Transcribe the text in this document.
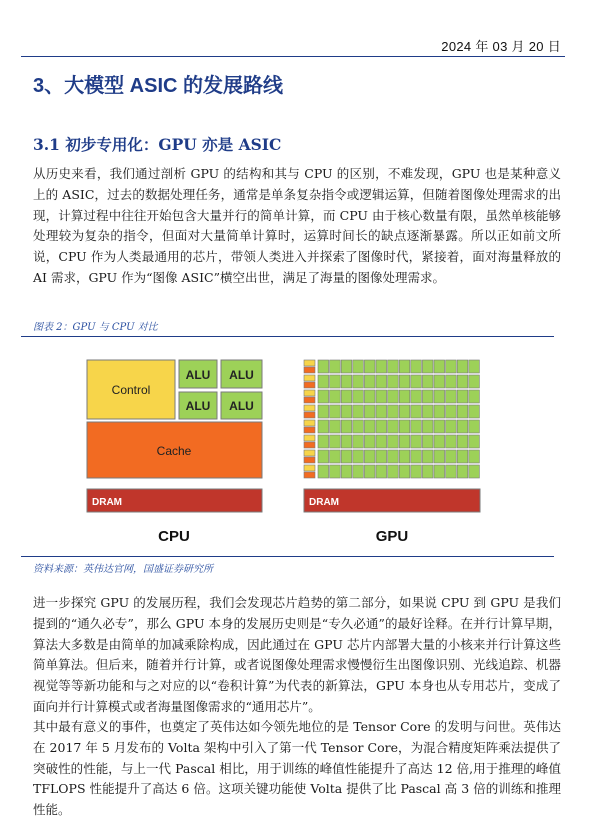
2024 年 03 月 20 日
3、大模型 ASIC 的发展路线
3.1 初步专用化：GPU 亦是 ASIC
从历史来看，我们通过剖析 GPU 的结构和其与 CPU 的区别，不难发现，GPU 也是某种意义上的 ASIC，过去的数据处理任务，通常是单条复杂指令或逻辑运算，但随着图像处理需求的出现，计算过程中往往开始包含大量并行的简单计算，而 CPU 由于核心数量有限，虽然单核能够处理较为复杂的指令，但面对大量简单计算时，运算时间长的缺点逐渐暴露。所以正如前文所说，CPU 作为人类最通用的芯片，带领人类进入并探索了图像时代，紧接着，面对海量释放的 AI 需求，GPU 作为“图像 ASIC”横空出世，满足了海量的图像处理需求。
图表 2：GPU 与 CPU 对比
Control
ALU ALU
ALU ALU
Cache
DRAM
CPU
DRAM
GPU
资料来源：英伟达官网，国盛证券研究所
进一步探究 GPU 的发展历程，我们会发现芯片趋势的第二部分，如果说 CPU 到 GPU 是我们提到的“通久必专”，那么 GPU 本身的发展历史则是“专久必通”的最好诠释。在并行计算早期，算法大多数是由简单的加减乘除构成，因此通过在 GPU 芯片内部署大量的小核来并行计算这些简单算法。但后来，随着并行计算，或者说图像处理需求慢慢衍生出图像识别、光线追踪、机器视觉等等新功能和与之对应的以“卷积计算”为代表的新算法，GPU 本身也从专用芯片，变成了面向并行计算模式或者海量图像需求的“通用芯片”。
其中最有意义的事件，也奠定了英伟达如今领先地位的是 Tensor Core 的发明与问世。英伟达在 2017 年 5 月发布的 Volta 架构中引入了第一代 Tensor Core，为混合精度矩阵乘法提供了突破性的性能，与上一代 Pascal 相比，用于训练的峰值性能提升了高达 12 倍,用于推理的峰值 TFLOPS 性能提升了高达 6 倍。这项关键功能使 Volta 提供了比 Pascal 高 3 倍的训练和推理性能。
